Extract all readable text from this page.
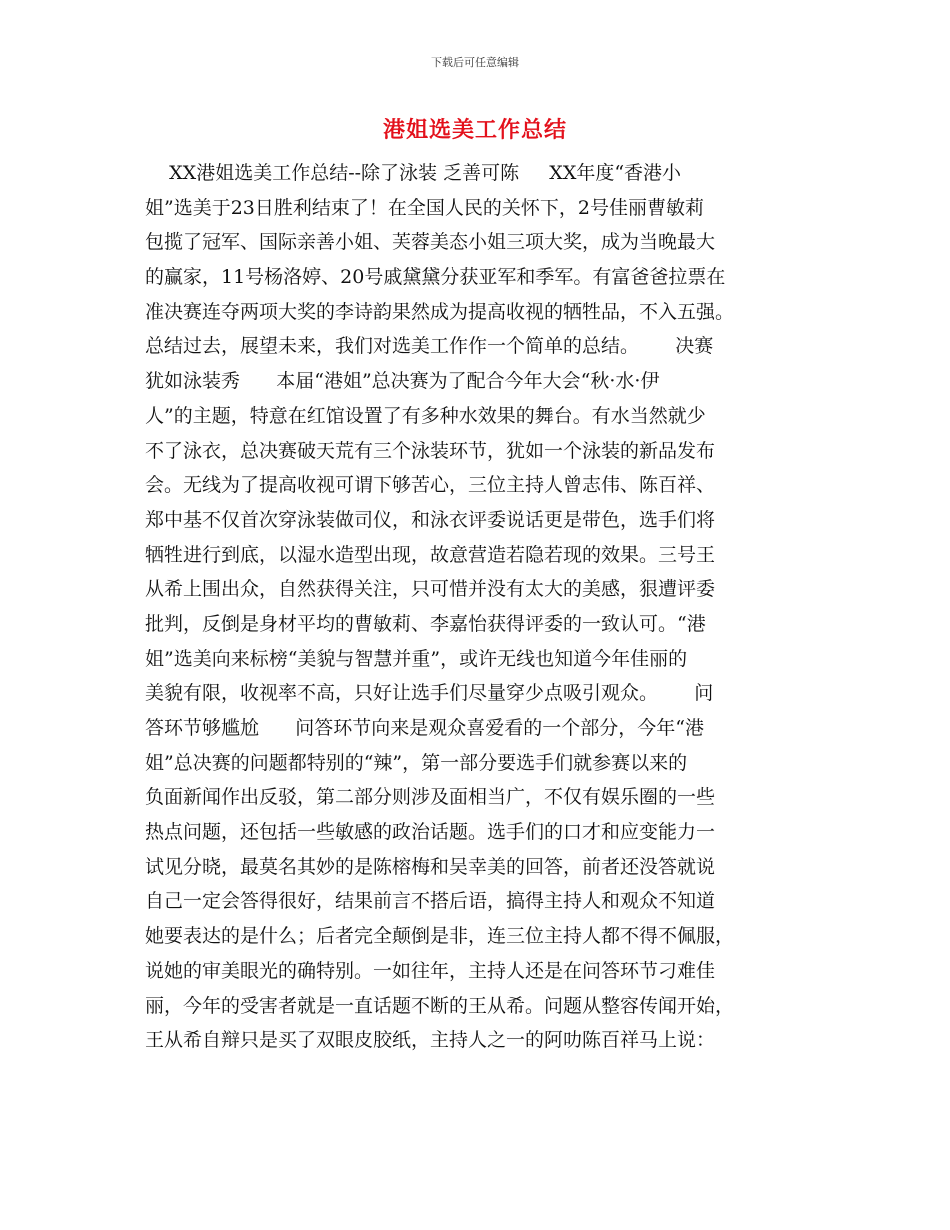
下载后可任意编辑
港姐选美工作总结
XX港姐选美工作总结--除了泳装 乏善可陈     XX年度“香港小
姐”选美于23日胜利结束了！在全国人民的关怀下，2号佳丽曹敏莉
包揽了冠军、国际亲善小姐、芙蓉美态小姐三项大奖，成为当晚最大
的赢家，11号杨洛婷、20号戚黛黛分获亚军和季军。有富爸爸拉票在
准决赛连夺两项大奖的李诗韵果然成为提高收视的牺牲品，不入五强。
总结过去，展望未来，我们对选美工作作一个简单的总结。      决赛
犹如泳装秀      本届“港姐”总决赛为了配合今年大会“秋·水·伊
人”的主题，特意在红馆设置了有多种水效果的舞台。有水当然就少
不了泳衣，总决赛破天荒有三个泳装环节，犹如一个泳装的新品发布
会。无线为了提高收视可谓下够苦心，三位主持人曾志伟、陈百祥、
郑中基不仅首次穿泳装做司仪，和泳衣评委说话更是带色，选手们将
牺牲进行到底，以湿水造型出现，故意营造若隐若现的效果。三号王
从希上围出众，自然获得关注，只可惜并没有太大的美感，狠遭评委
批判，反倒是身材平均的曹敏莉、李嘉怡获得评委的一致认可。“港
姐”选美向来标榜“美貌与智慧并重”，或许无线也知道今年佳丽的
美貌有限，收视率不高，只好让选手们尽量穿少点吸引观众。      问
答环节够尴尬      问答环节向来是观众喜爱看的一个部分，今年“港
姐”总决赛的问题都特别的“辣”，第一部分要选手们就参赛以来的
负面新闻作出反驳，第二部分则涉及面相当广，不仅有娱乐圈的一些
热点问题，还包括一些敏感的政治话题。选手们的口才和应变能力一
试见分晓，最莫名其妙的是陈榕梅和吴幸美的回答，前者还没答就说
自己一定会答得很好，结果前言不搭后语，搞得主持人和观众不知道
她要表达的是什么；后者完全颠倒是非，连三位主持人都不得不佩服，
说她的审美眼光的确特别。一如往年，主持人还是在问答环节刁难佳
丽，今年的受害者就是一直话题不断的王从希。问题从整容传闻开始，
王从希自辩只是买了双眼皮胶纸，主持人之一的阿叻陈百祥马上说：
